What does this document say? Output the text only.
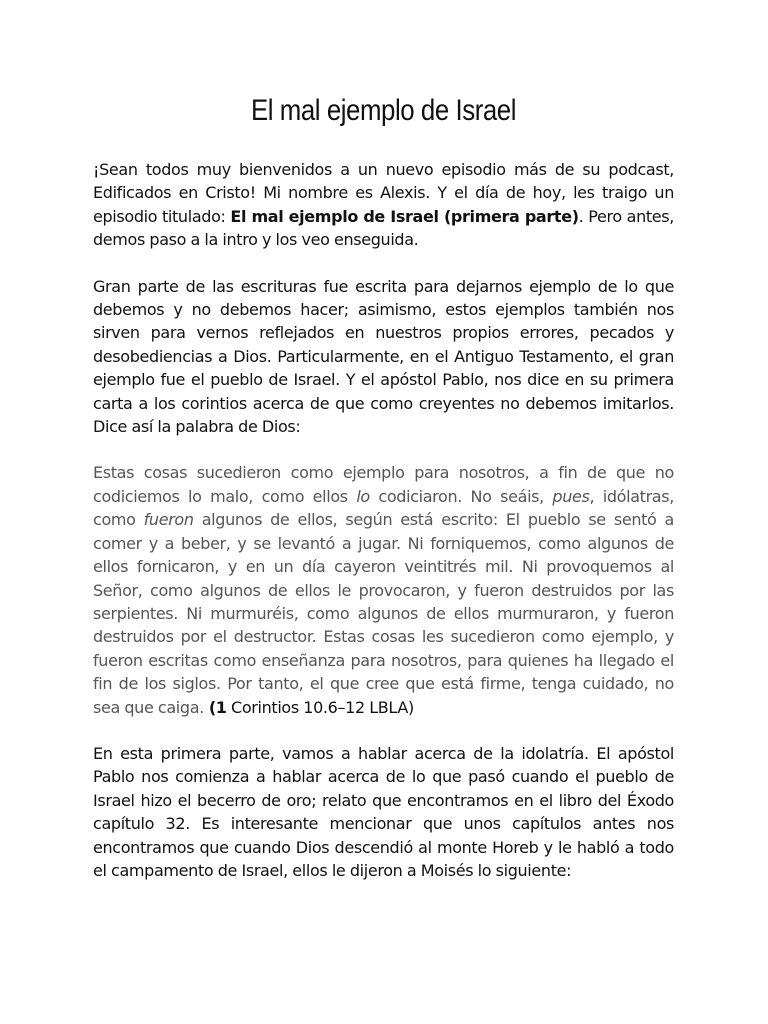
El mal ejemplo de Israel

¡Sean todos muy bienvenidos a un nuevo episodio más de su podcast, Edificados en Cristo! Mi nombre es Alexis. Y el día de hoy, les traigo un episodio titulado: El mal ejemplo de Israel (primera parte). Pero antes, demos paso a la intro y los veo enseguida.

Gran parte de las escrituras fue escrita para dejarnos ejemplo de lo que debemos y no debemos hacer; asimismo, estos ejemplos también nos sirven para vernos reflejados en nuestros propios errores, pecados y desobediencias a Dios. Particularmente, en el Antiguo Testamento, el gran ejemplo fue el pueblo de Israel. Y el apóstol Pablo, nos dice en su primera carta a los corintios acerca de que como creyentes no debemos imitarlos. Dice así la palabra de Dios:

Estas cosas sucedieron como ejemplo para nosotros, a fin de que no codiciemos lo malo, como ellos lo codiciaron. No seáis, pues, idólatras, como fueron algunos de ellos, según está escrito: El pueblo se sentó a comer y a beber, y se levantó a jugar. Ni forniquemos, como algunos de ellos fornicaron, y en un día cayeron veintitrés mil. Ni provoquemos al Señor, como algunos de ellos le provocaron, y fueron destruidos por las serpientes. Ni murmuréis, como algunos de ellos murmuraron, y fueron destruidos por el destructor. Estas cosas les sucedieron como ejemplo, y fueron escritas como enseñanza para nosotros, para quienes ha llegado el fin de los siglos. Por tanto, el que cree que está firme, tenga cuidado, no sea que caiga. (1 Corintios 10.6–12 LBLA)

En esta primera parte, vamos a hablar acerca de la idolatría. El apóstol Pablo nos comienza a hablar acerca de lo que pasó cuando el pueblo de Israel hizo el becerro de oro; relato que encontramos en el libro del Éxodo capítulo 32. Es interesante mencionar que unos capítulos antes nos encontramos que cuando Dios descendió al monte Horeb y le habló a todo el campamento de Israel, ellos le dijeron a Moisés lo siguiente:
